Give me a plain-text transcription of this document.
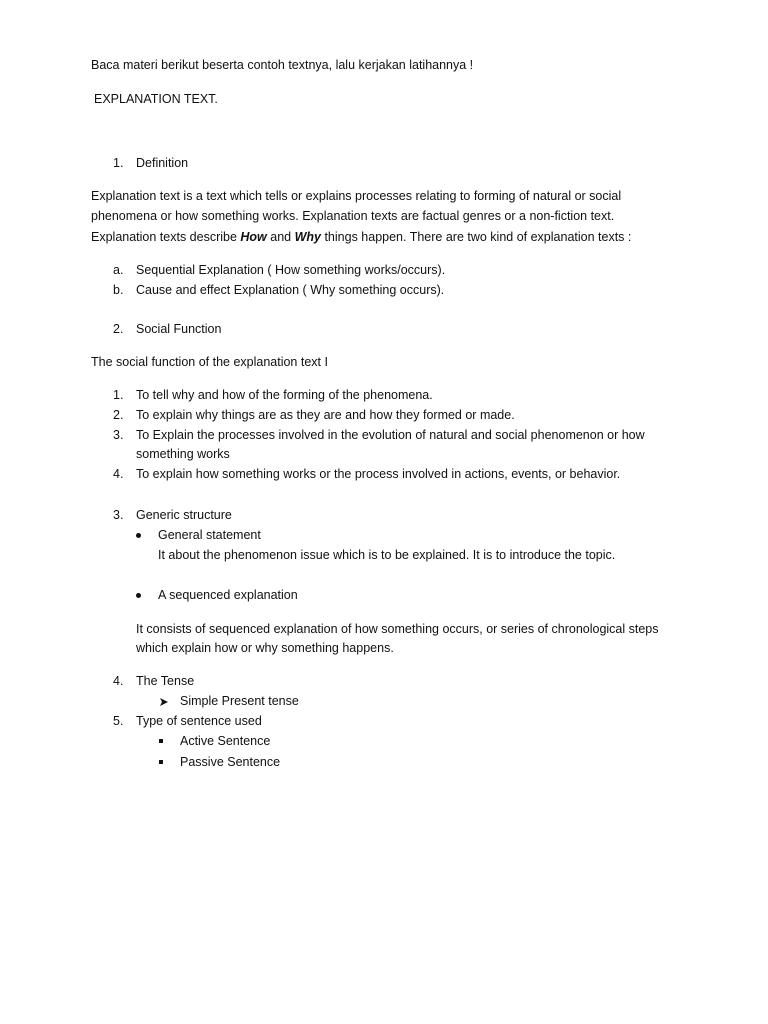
Baca materi berikut beserta contoh textnya, lalu kerjakan latihannya !
EXPLANATION TEXT.
1. Definition
Explanation text is a text which tells or explains processes relating to forming of natural or social
phenomena or how something works. Explanation texts are factual genres or a non-fiction text.
Explanation texts describe How and Why things happen. There are two kind of explanation texts :
a. Sequential Explanation ( How something works/occurs).
b. Cause and effect Explanation ( Why something occurs).
2. Social Function
The social function of the explanation text I
1. To tell why and how of the forming of the phenomena.
2. To explain why things are as they are and how they formed or made.
3. To Explain the processes involved in the evolution of natural and social phenomenon or how
something works
4. To explain how something works or the process involved in actions, events, or behavior.
3. Generic structure
General statement
It about the phenomenon issue which is to be explained. It is to introduce the topic.
A sequenced explanation
It consists of sequenced explanation of how something occurs, or series of chronological steps
which explain how or why something happens.
4. The Tense
Simple Present tense
5. Type of sentence used
Active Sentence
Passive Sentence
